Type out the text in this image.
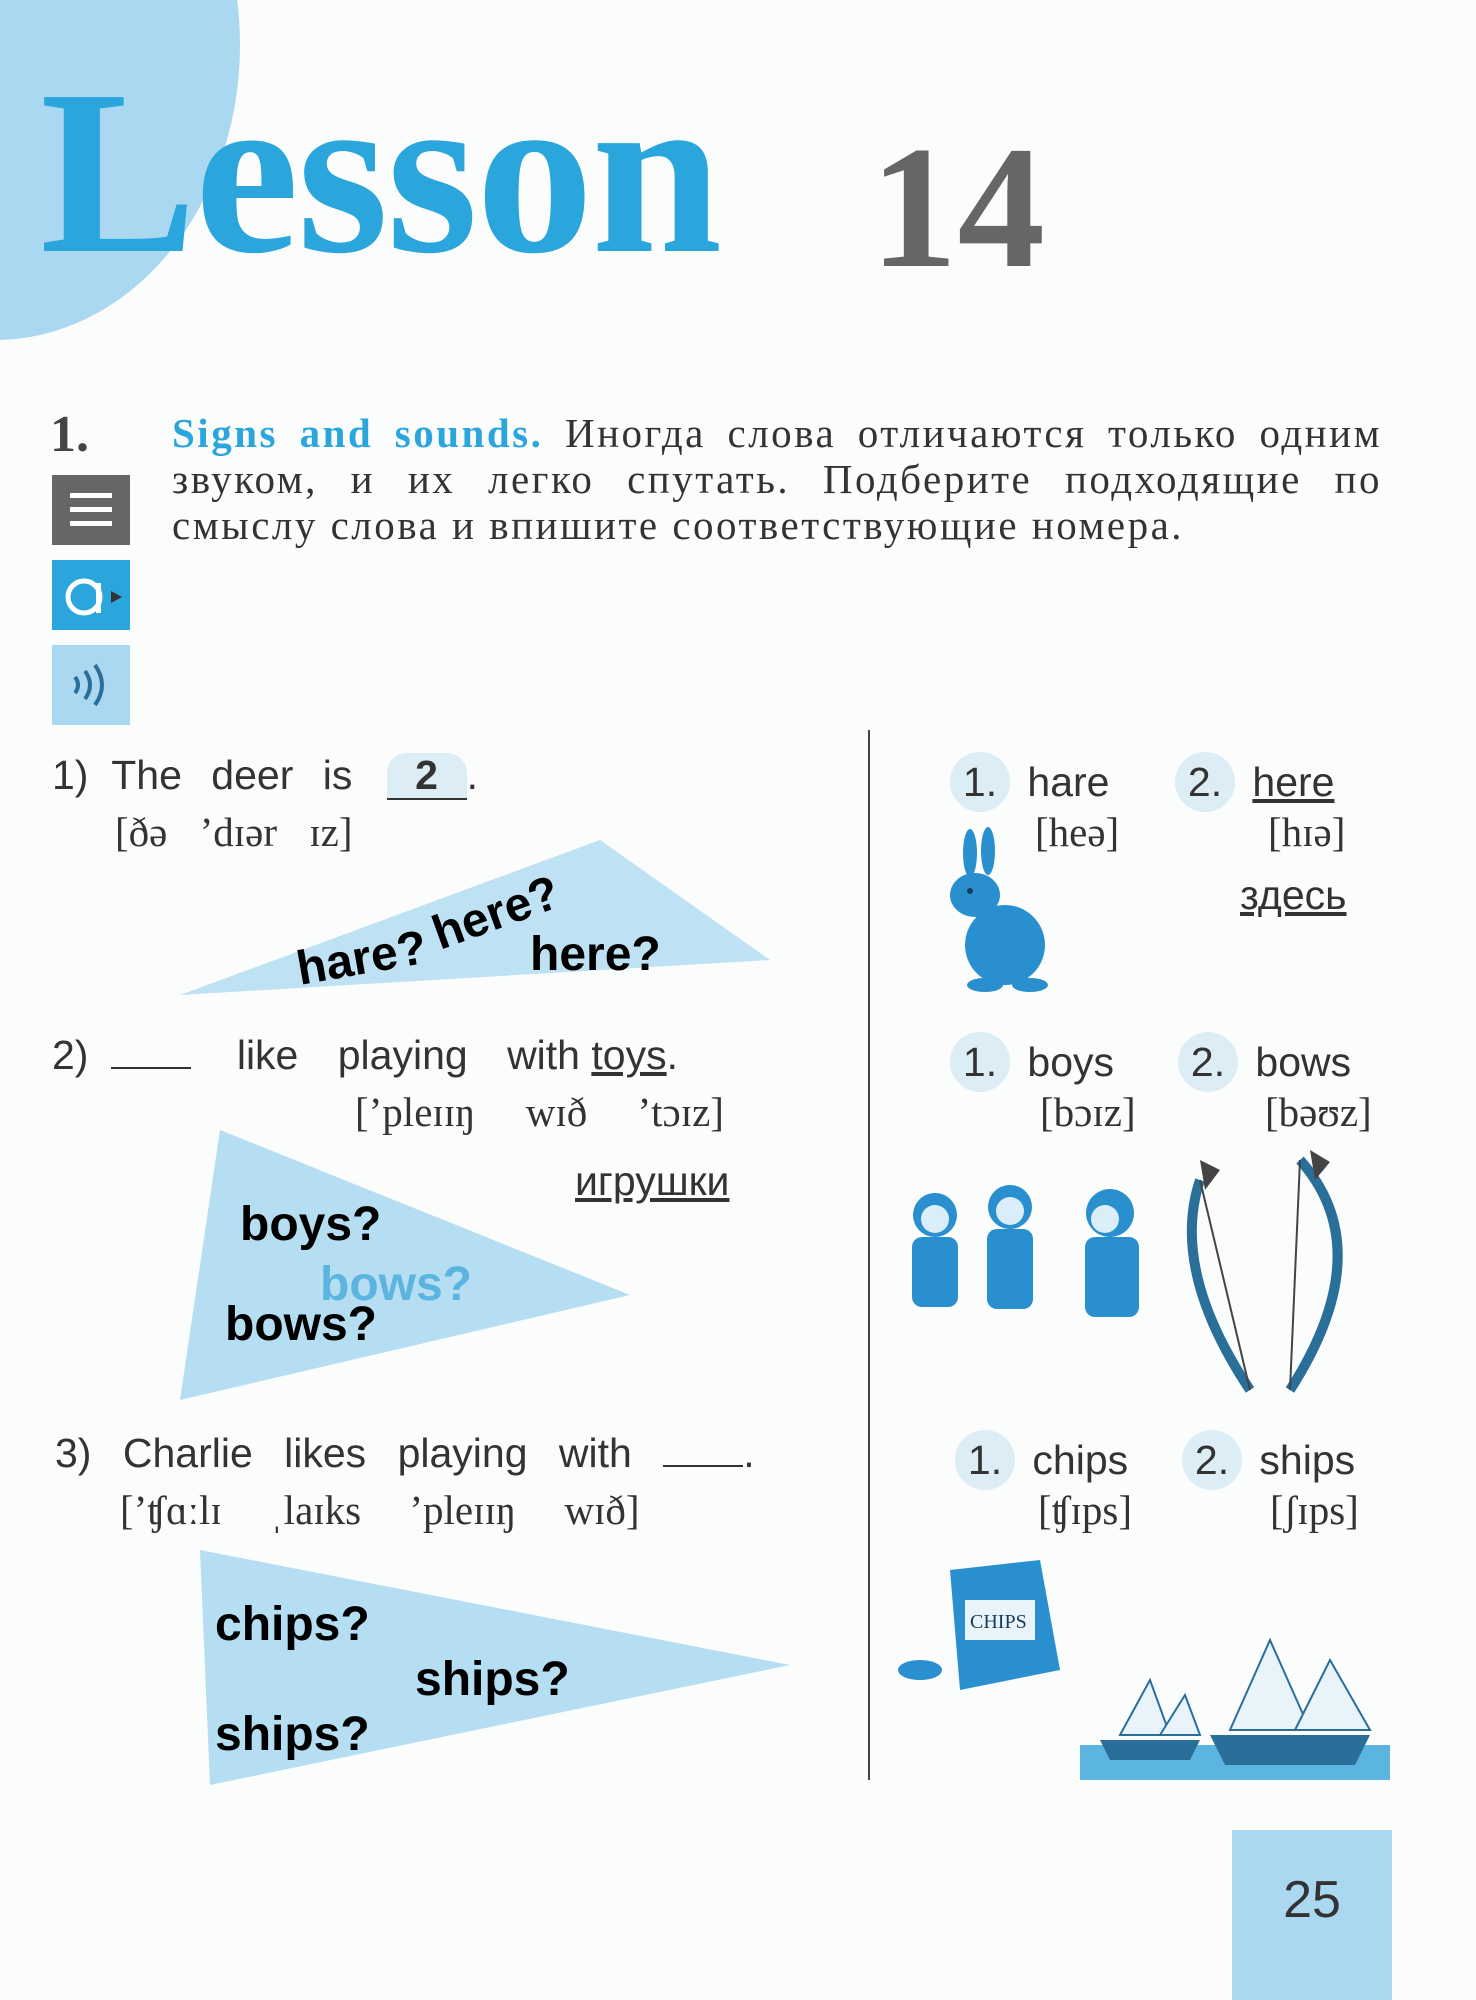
Lesson 14
1. Signs and sounds. Иногда слова отличаются только одним звуком, и их легко спутать. Подберите подходящие по смыслу слова и впишите соответствующие номера.
1) The deer is 2 .
[ðə ʼdɪər ɪz]
hare?
here?
here?
1. hare	2. here
[heə]	[hɪə]
здесь
2)	like playing with toys.
[ʼpleɪɪŋ wɪð ʼtɔɪz]
игрушки
boys?
bows?
bows?
1. boys	2. bows
[bɔɪz]	[bəʊz]
3) Charlie likes playing with	.
[ʼʧɑːlɪ ˌlaɪks ʼpleɪɪŋ wɪð]
chips?
ships?
ships?
1. chips	2. ships
[ʧɪps]	[ʃɪps]
CHIPS
25
